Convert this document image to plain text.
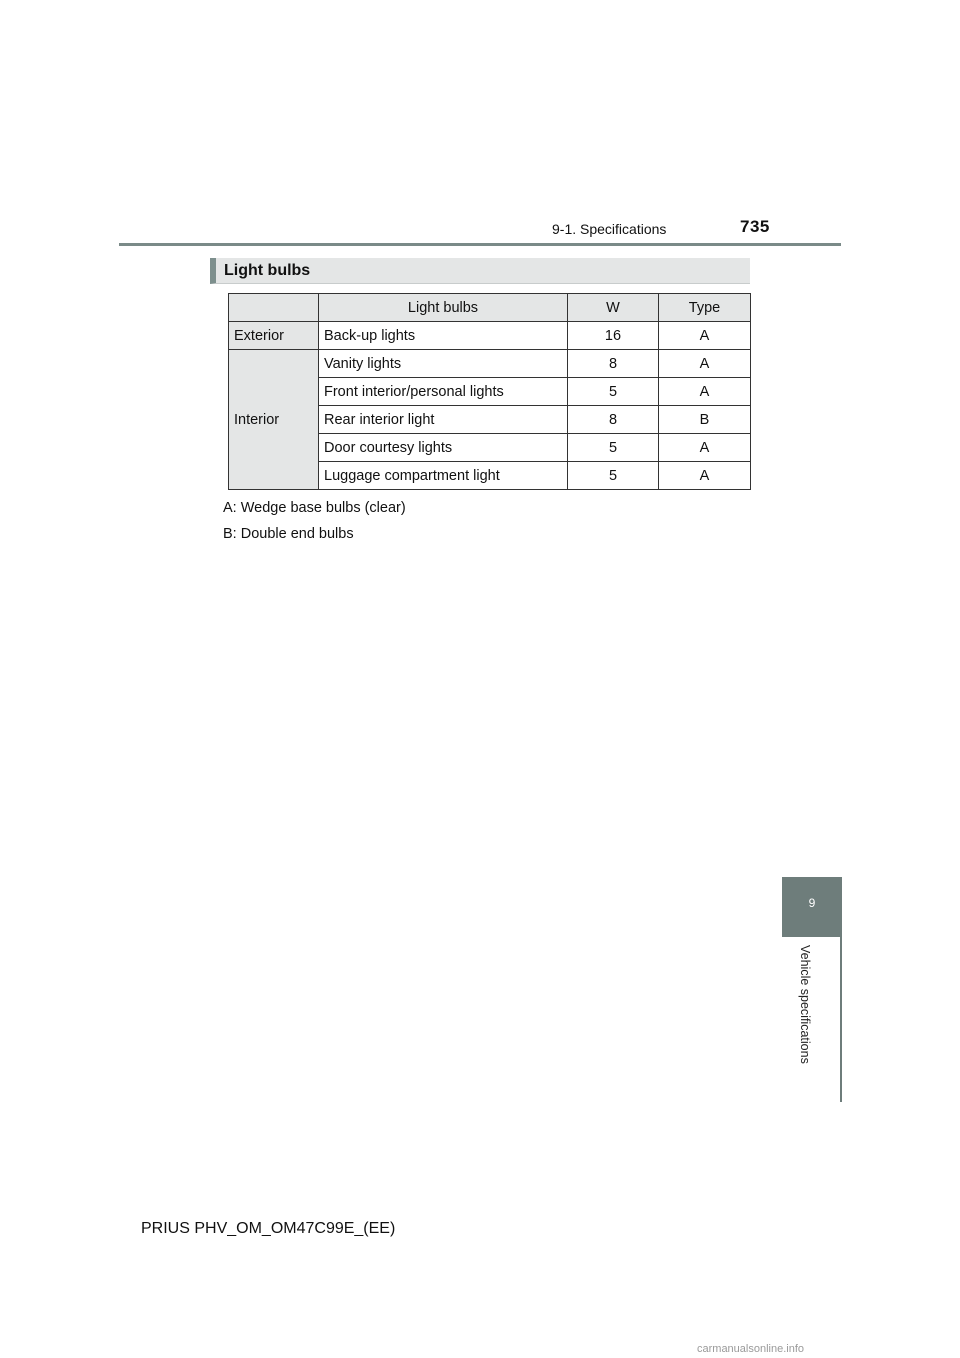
9-1. Specifications	735
Light bulbs
	Light bulbs	W	Type
Exterior	Back-up lights	16	A
Interior	Vanity lights	8	A
	Front interior/personal lights	5	A
	Rear interior light	8	B
	Door courtesy lights	5	A
	Luggage compartment light	5	A
A: Wedge base bulbs (clear)
B: Double end bulbs
9
Vehicle specifications
PRIUS PHV_OM_OM47C99E_(EE)
carmanualsonline.info
